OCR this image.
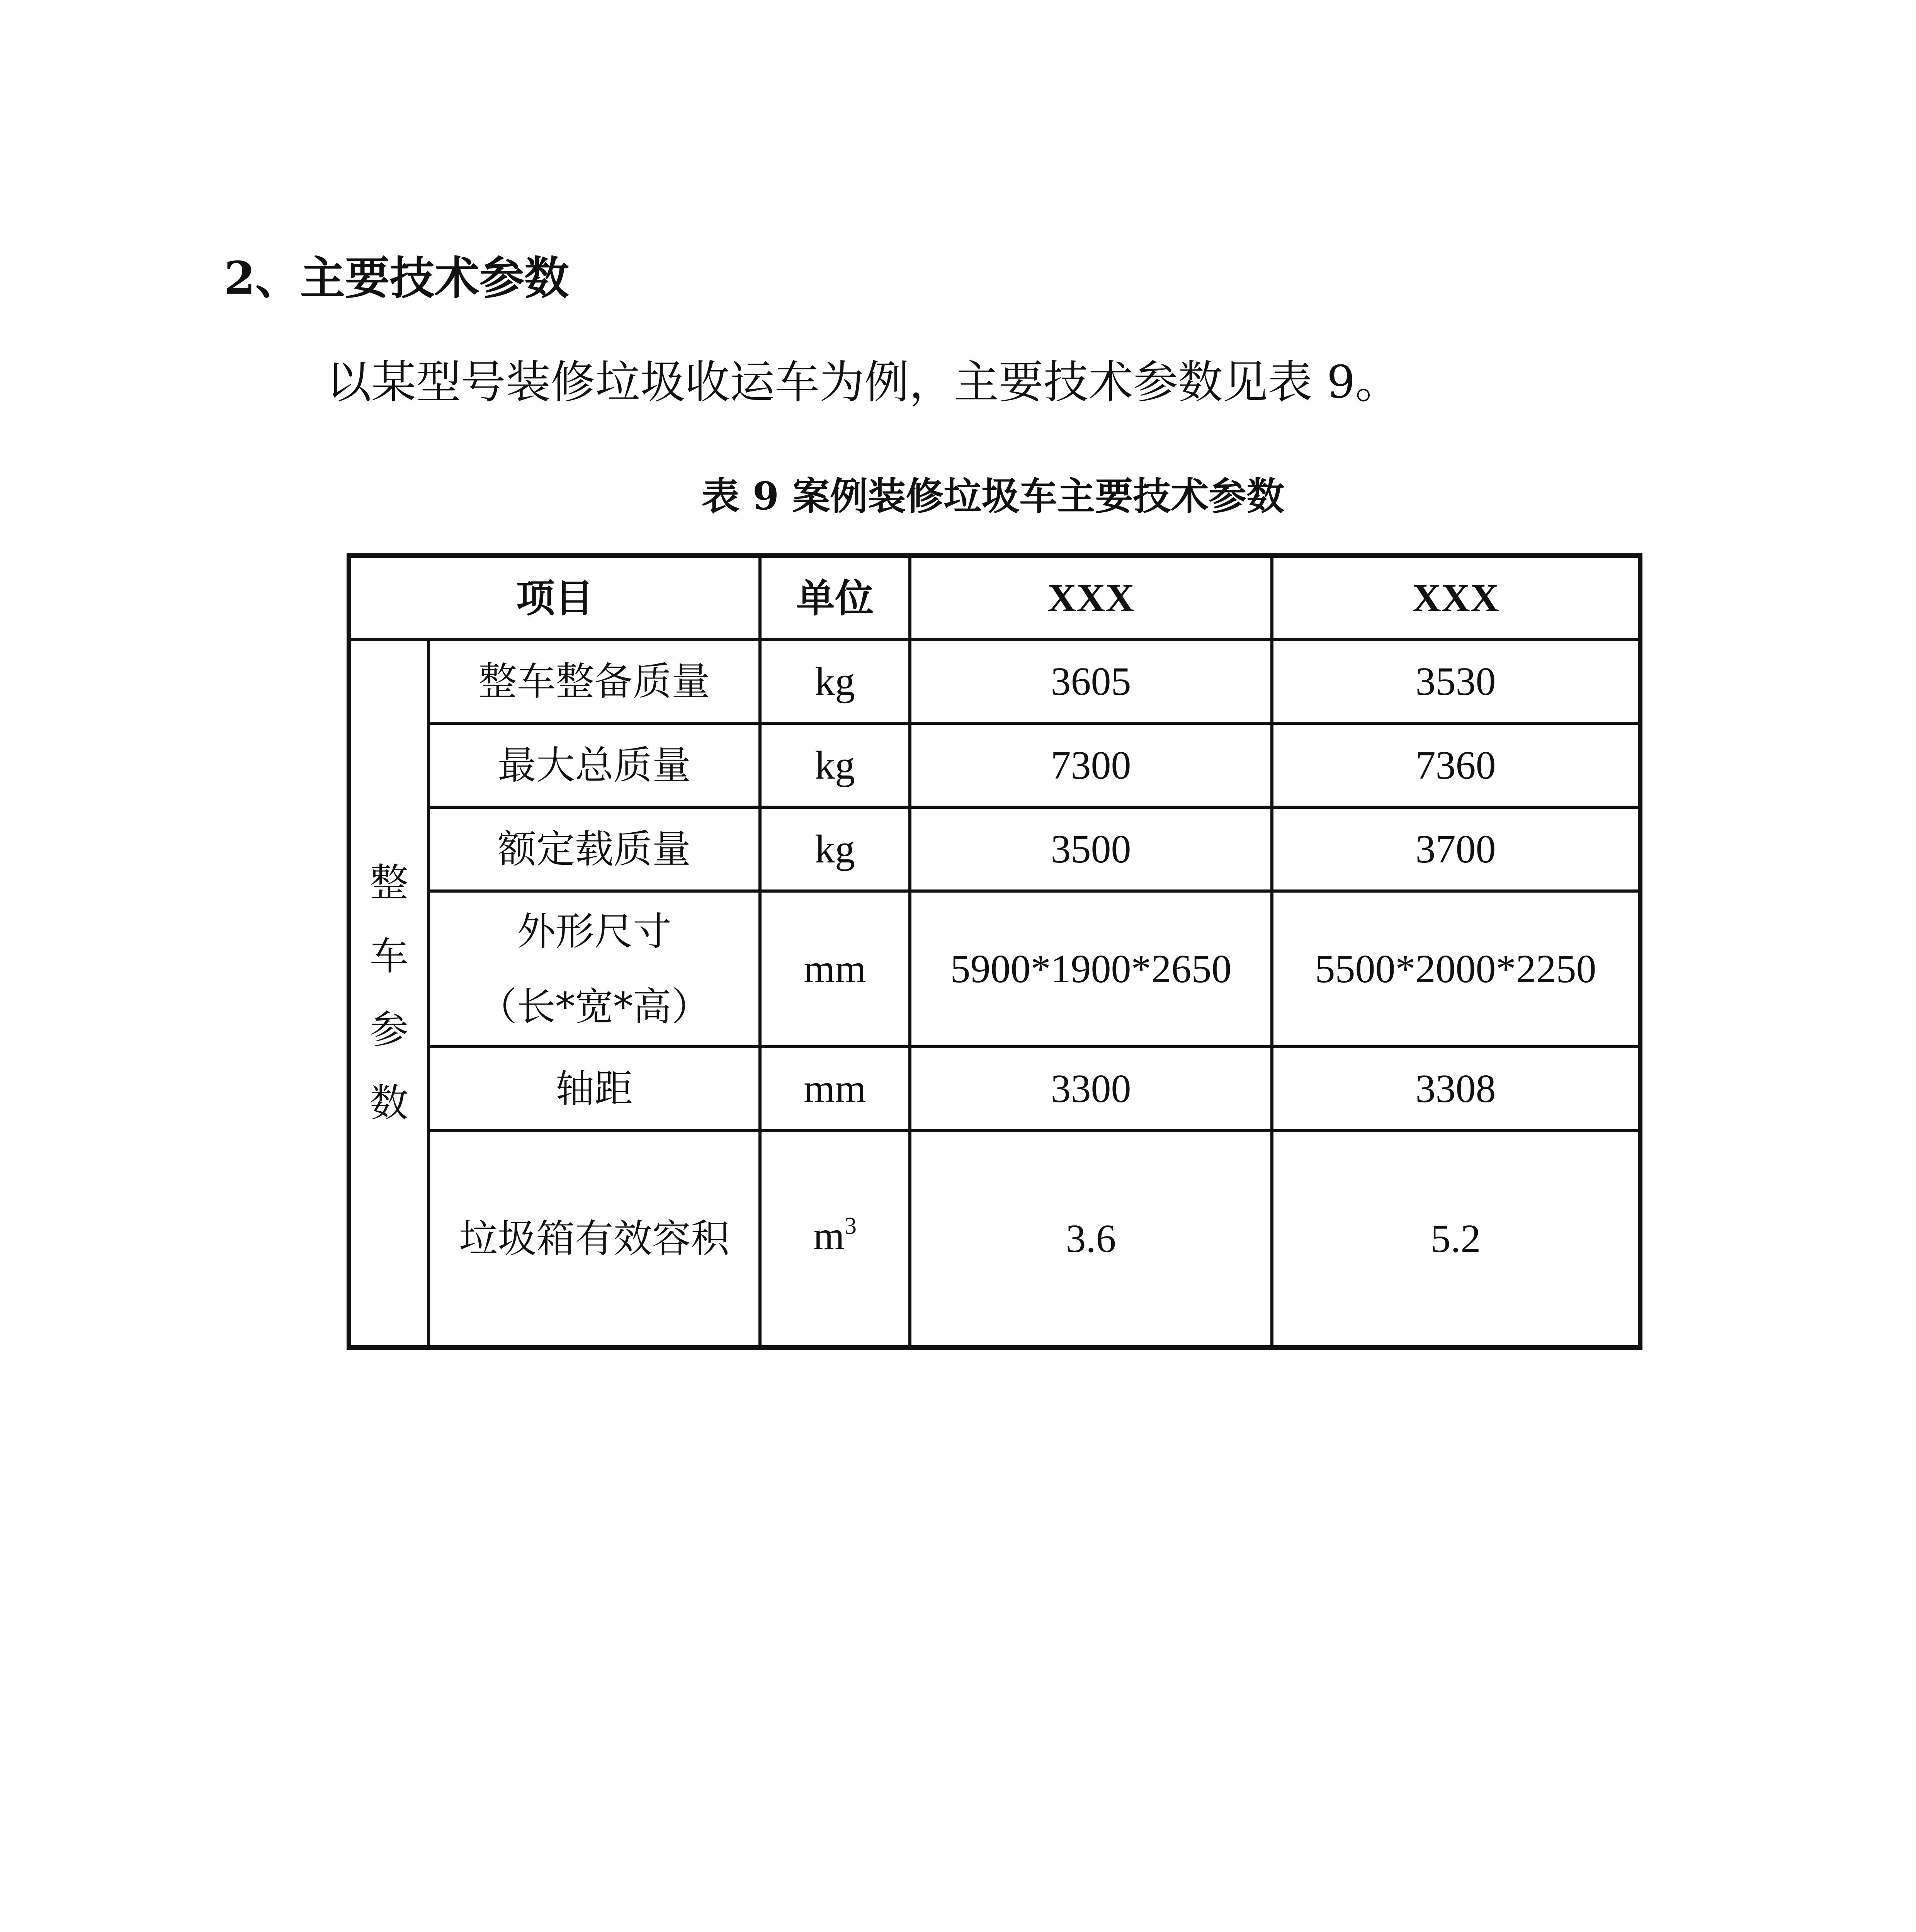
2、主要技术参数
以某型号装修垃圾收运车为例，主要技术参数见表 9。
表 9 案例装修垃圾车主要技术参数
项目		单位	XXX	XXX
整车参数	整车整备质量	kg	3605	3530
	最大总质量	kg	7300	7360
	额定载质量	kg	3500	3700

	外形尺寸
（长*宽*高）	mm	5900*1900*2650	5500*2000*2250
	轴距	mm	3300	3308
	垃圾箱有效容积	$m^3$	3.6	5.2
